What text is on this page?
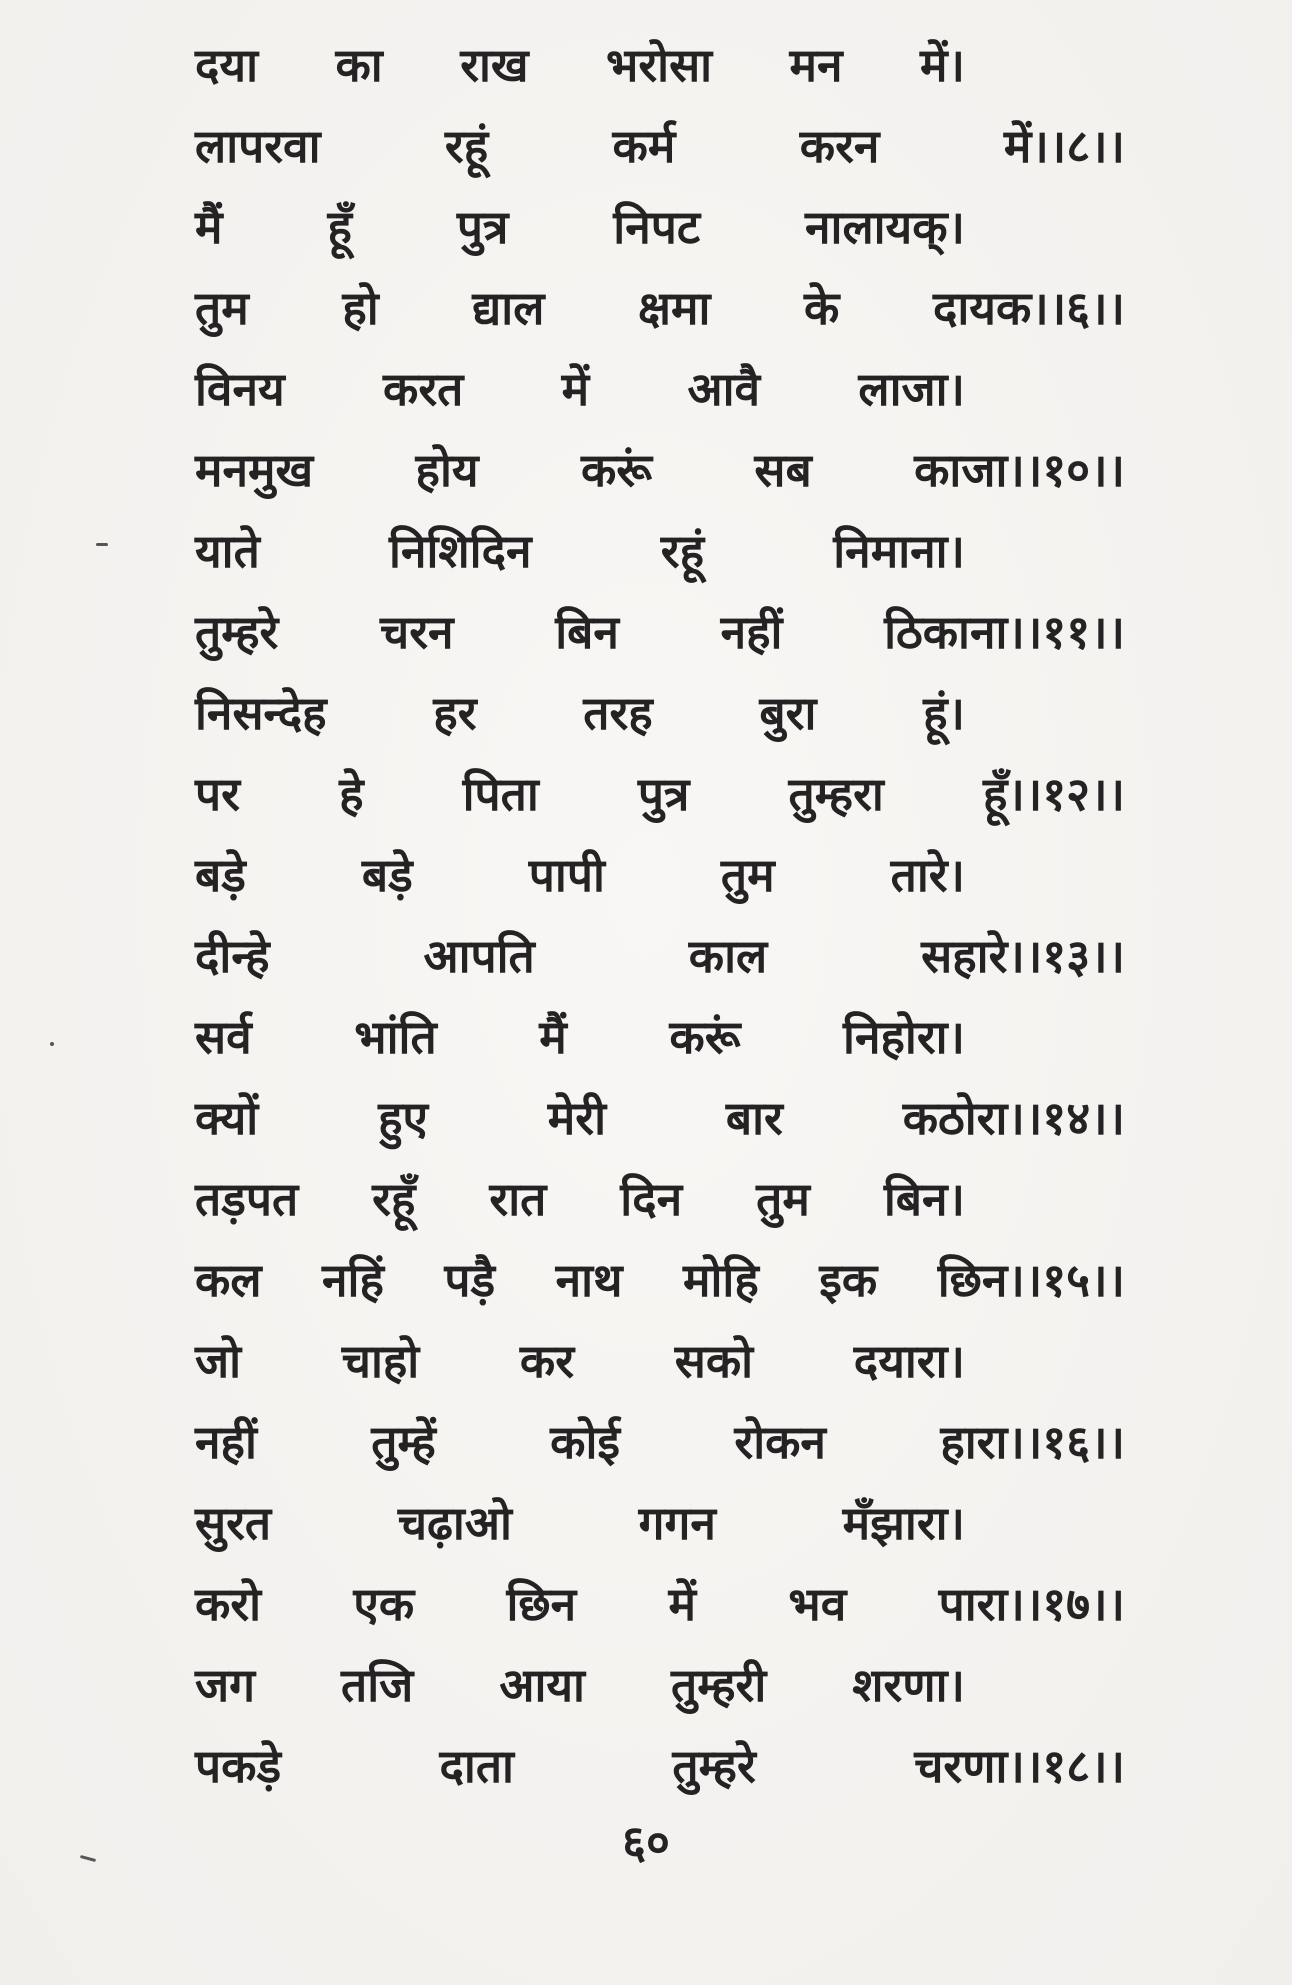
दया का राख भरोसा मन में।
लापरवा	रहूं	कर्म	करन	में।।८।।
मैं हूँ पुत्र निपट नालायक्।
तुम हो द्याल क्षमा के दायक।।६।।
विनय करत में आवै लाजा।
मनमुख होय करूं सब काजा।।१०।।
याते	निशिदिन	रहूं	निमाना।
तुम्हरे चरन बिन नहीं ठिकाना।।११।।
निसन्देह हर तरह बुरा हूं।
पर हे पिता पुत्र तुम्हरा हूँ।।१२।।
बड़े	बड़े	पापी	तुम	तारे।
दीन्हे	आपति	काल	सहारे।।१३।।
सर्व भांति मैं करूं निहोरा।
क्यों	हुए	मेरी	बार	कठोरा।।१४।।
तड़पत रहूँ रात दिन तुम बिन।
कल नहिं पड़ै नाथ मोहि इक छिन।।१५।।
जो चाहो कर सको दयारा।
नहीं तुम्हें कोई रोकन हारा।।१६।।
सुरत	चढ़ाओ	गगन	मँझारा।
करो एक छिन में भव पारा।।१७।।
जग तजि आया तुम्हरी शरणा।
पकड़े	दाता	तुम्हरे	चरणा।।१८।।
६०
